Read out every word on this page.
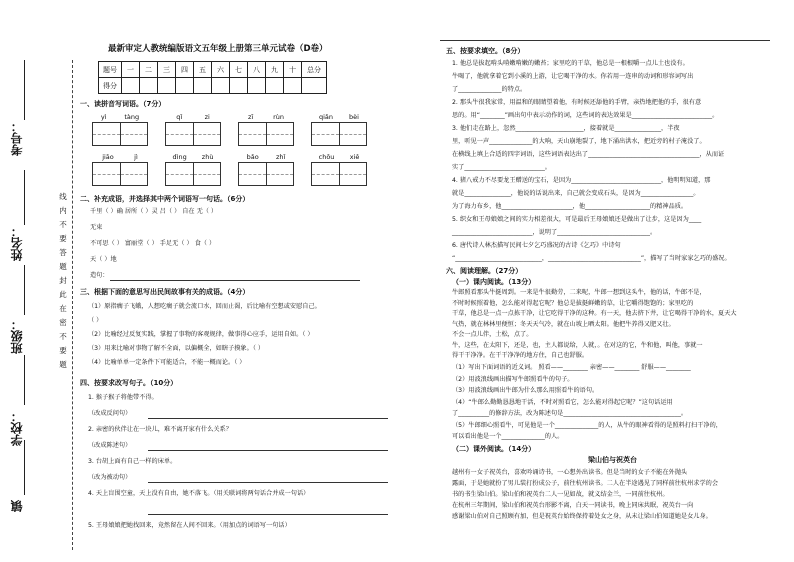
考号：
姓名：
班级：
学校：
镇
线
内
不
要
答
题
封
此
在
密
不
要
题
最新审定人教统编版语文五年级上册第三单元试卷（D卷）
题号	一	二	三	四	五	六	七	八	九	十	总分
得分											
一、读拼音写词语。（7分）
yì	tàng	qǐ	zi	zī	rùn	qiǎn bèi
jiāo	jì	dìng zhù	bǎo	zhǐ	chōu xiě
二、补充成语，并选择其中两个词语写一句话。（6分）
千里（ ）确 居所（ ）灵 吕（ ） 自在 无（ ）
无束
不可思（ ） 富丽堂（ ） 手足无（ ） 食（ ）
天（ ）地
造句：
三、根据下面的意思写出民间故事有关的成语。（4分）
（1）原指瘸子飞蛾，人想吃瘸子就会流口水，回而止渴，后比喻有空想或安慰自己。
（ ）
（2）比喻经过反复实践，掌握了事物的客观规律，做事得心应手，运用自如。（ ）
（3）用来比喻对事物了解不全面，以偏概全，如瞎子摸象。（ ）
（4）比喻单单一定条件下可能适合，不能一概而论。（ ）
四、按要求改写句子。（10分）
1. 猴子猴子将他带不得。
（改成反问句）
2. 亲密的伙伴让在一块儿，难不离开家有什么关系？
（改成陈述句）
3. 台胡上面有自己一样的床单。
（改为被动句）
4. 天上盲围空童，天上没有自由，她不落飞。（用关联词将两句话合并成一句话）
5. 王母娘娘把她找回来，竟然留在人间不回来。（用加点的词语写一句话）
五、按要求填空。（8分）
1. 他总是拔起啃头啃嫩啃嫩的嫩苔；家里吃的干草，他总是一根根嚼一点儿土也没有。
牛喝了，他就拿着它到小溪的上游，让它喝干净的水。你若用一连串的动词和形容词写出
了______________的特点。
2. 那头牛很我家常，用温和的眼睛望着他，有时候还舔他的手臂，亲热地把他的手，很有意
思的。用“________”画出句中表示动作的词，这些词的表达效果是__________________________。
3. 他们走在路上，忽然______________________，接着就是_______________，半夜
里，听见一声______________的大响，天山崩地裂了，地下涌出洪水，把近旁的村子淹没了。
在横线上填上合适的四字词语，这些词语表达出了____________________________________，从而证
实了__________________________。
4. 猪八戒力不尽要龙王赠送的宝石，是因为_____________________________，他明明知道，那
就是_______________，他说的话说出来，自己就会变成石头，是因为_________________。
为了海力布乡，他_______________________，他_____________________的精神品质。
5. 织女和王母娘娘之间的实力相差很大，可是最后王母娘娘还是做出了让步，这是因为____
__________________________，说明了______________________________。
6. 唐代诗人林杰描写民间七夕乞巧盛况的古诗《乞巧》中诗句
“____________________________，______________________________”，描写了当时家家乞巧的盛况。
六、阅读理解。（27分）
（一）课内阅读。（13分）
牛郎照看那头牛挺周到。一来是牛很勤劳，二来呢，牛郎一想到这头牛，他的话，牛郎不是，
不时时候照着他，怎么能对得起它呢？他总是拔挺鲜嫩的草，让它嚼得饱饱的；家里吃的
干草，他总是一点一点拣干净，让它吃得干净的这种。有一天，他去挤下井，让它喝得干净的水，夏天大
气热，就在林林里便恒；冬天天气冷，就在山坡上晒太阳。他把牛养得又肥又壮。
不会一点儿伴，土松，点了。
牛，这些，在太阳下，还是，也，主人都说给，人就，。在对这的它，牛和他，叫他，事就一
得干干净净。在干干净净的地方住，自己也舒服。
（1）写出下面词语的近义词。 照看——________ 亲密——________ 舒服——________
（2）用波浪线画出描写牛郎照看牛的句子。
（3）用波浪线画出牛郎为什么那么用照看牛的语句。
（4）“牛郎么勤勤恳恳地干活，不时对照看它，怎么能对得起它呢？”这句话运用
了__________的修辞方法，改为陈述句是______________________________________。
（5）牛郎细心照看牛，可见他是一个______________的人，从牛的眼神看得的是照料打扫干净的，
可以看出他是一个______________的人。
（二）课外阅读。（14分）
梁山伯与祝英台
越州有一女子祝英台，喜欢吟诵诗书，一心想外出读书。但是当时的女子不能在外抛头
露面，于是她就扮了男儿装打扮成公子，前往杭州读书。二人在半途遇见了同样前往杭州求学的会
书的书生梁山伯。梁山伯和祝英台二人一见如故，就义结金兰，一同前往杭州。
在杭州三年期间，梁山伯和祝英台形影不离，白天一同读书，晚上同床共眠，祝英台一向
感谢梁山伯对自己照顾有加，但是祝英台始终保持着处女之身，从未让梁山伯知道她是女儿身。
